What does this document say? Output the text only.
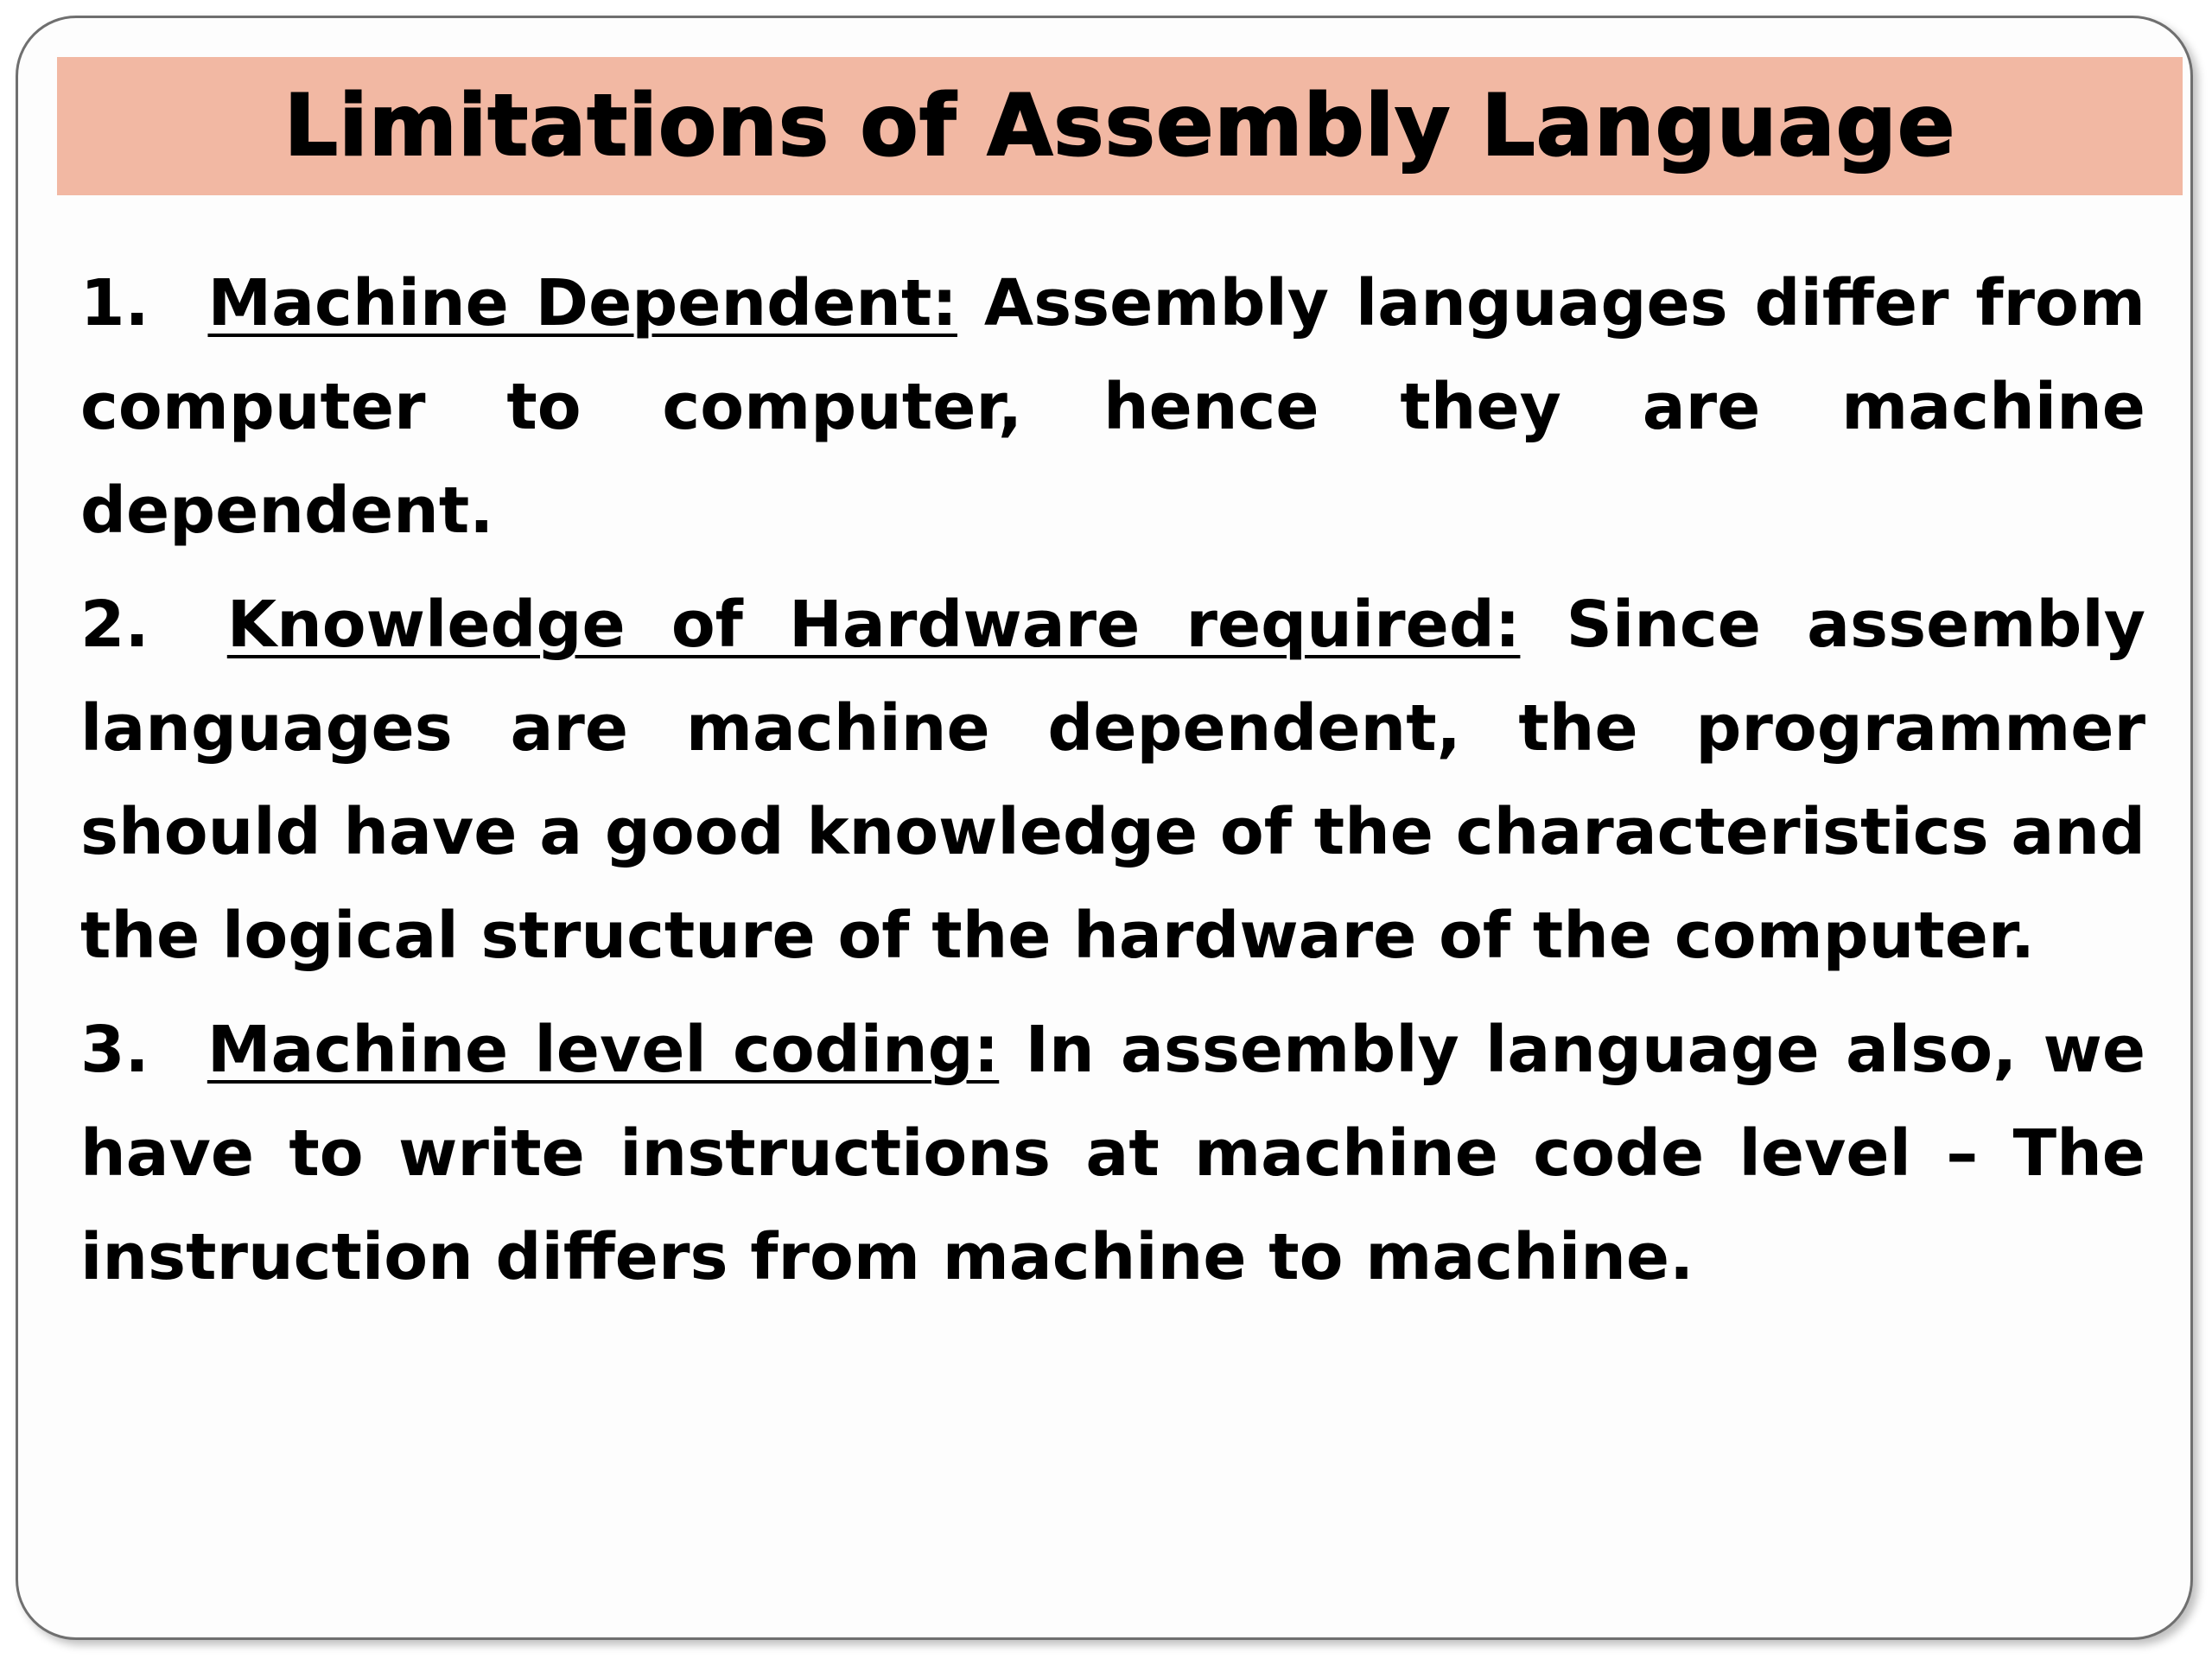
Limitations of Assembly Language

1. Machine Dependent: Assembly languages differ from computer to computer, hence they are machine dependent.

2. Knowledge of Hardware required: Since assembly languages are machine dependent, the programmer should have a good knowledge of the characteristics and the logical structure of the hardware of the computer.

3. Machine level coding: In assembly language also, we have to write instructions at machine code level – The instruction differs from machine to machine.
